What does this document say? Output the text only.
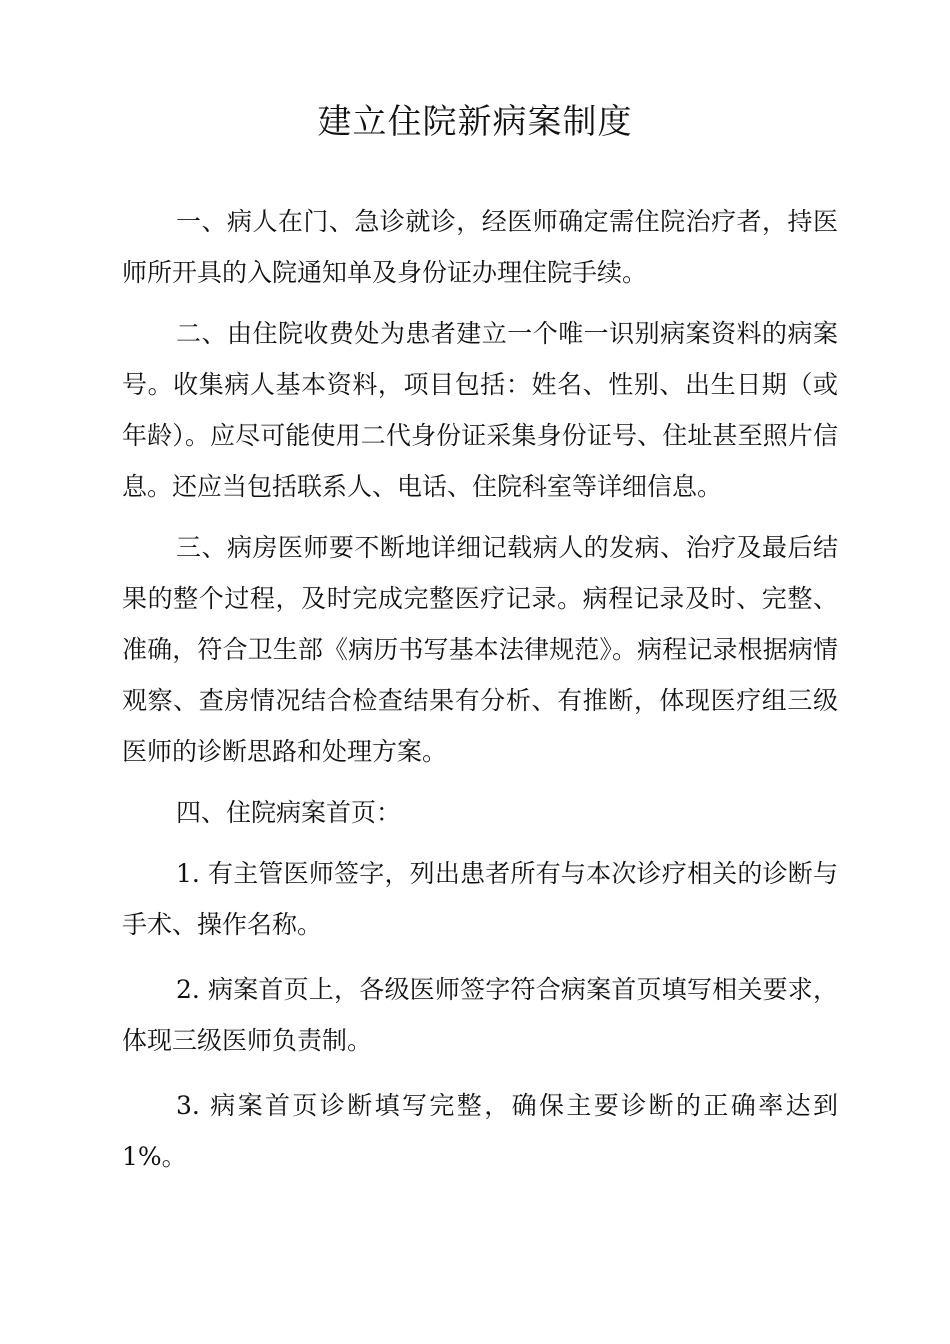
建立住院新病案制度

一、病人在门、急诊就诊，经医师确定需住院治疗者，持医师所开具的入院通知单及身份证办理住院手续。

二、由住院收费处为患者建立一个唯一识别病案资料的病案号。收集病人基本资料，项目包括：姓名、性别、出生日期（或年龄）。应尽可能使用二代身份证采集身份证号、住址甚至照片信息。还应当包括联系人、电话、住院科室等详细信息。

三、病房医师要不断地详细记载病人的发病、治疗及最后结果的整个过程，及时完成完整医疗记录。病程记录及时、完整、准确，符合卫生部《病历书写基本法律规范》。病程记录根据病情观察、查房情况结合检查结果有分析、有推断，体现医疗组三级医师的诊断思路和处理方案。

四、住院病案首页：

1. 有主管医师签字，列出患者所有与本次诊疗相关的诊断与手术、操作名称。

2. 病案首页上，各级医师签字符合病案首页填写相关要求，体现三级医师负责制。

3. 病案首页诊断填写完整，确保主要诊断的正确率达到1%。
